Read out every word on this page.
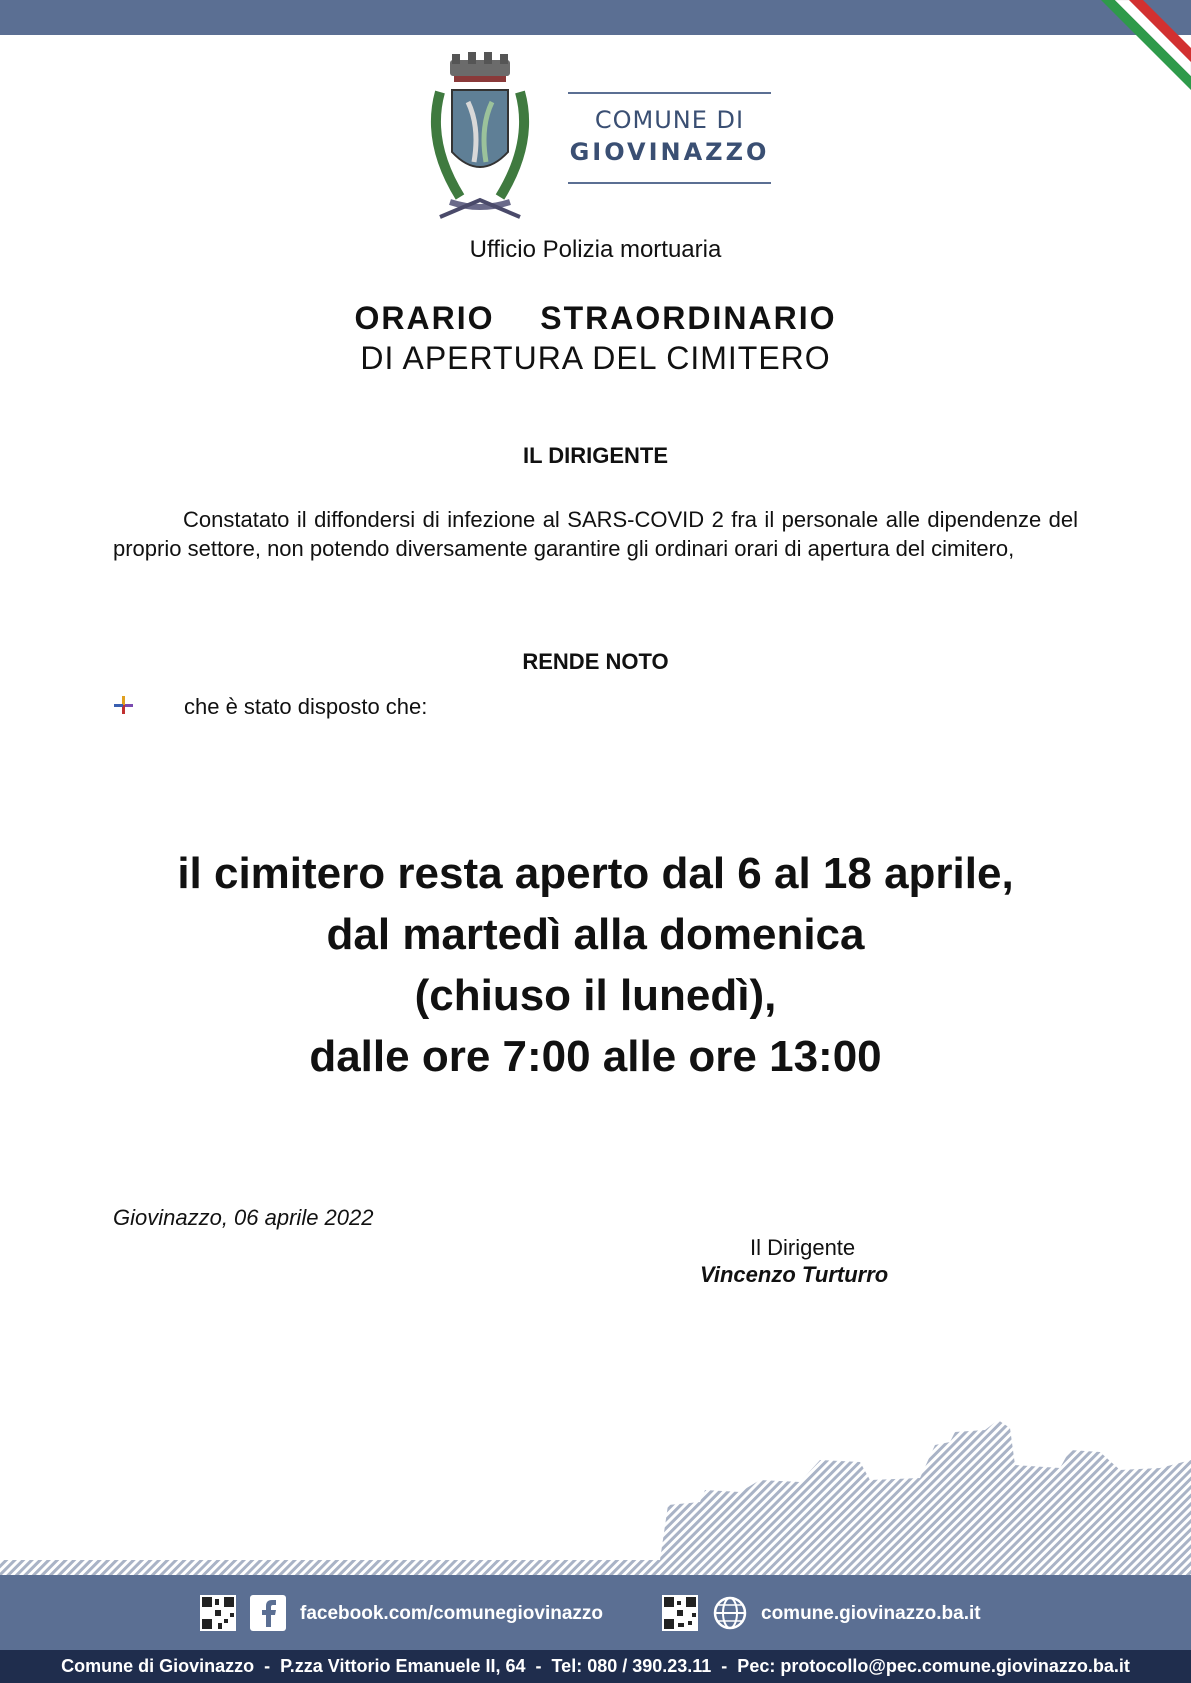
COMUNE DI
GIOVINAZZO
Ufficio Polizia mortuaria
ORARIO  STRAORDINARIO
DI APERTURA DEL CIMITERO
IL DIRIGENTE

Constatato il diffondersi di infezione al SARS-COVID 2 fra il personale alle dipendenze del proprio settore, non potendo diversamente garantire gli ordinari orari di apertura del cimitero,

RENDE NOTO
che è stato disposto che:
il cimitero resta aperto dal 6 al 18 aprile,
dal martedì alla domenica
(chiuso il lunedì),
dalle ore 7:00 alle ore 13:00
Giovinazzo, 06 aprile 2022
Il Dirigente
Vincenzo Turturro
facebook.com/comunegiovinazzo	comune.giovinazzo.ba.it
Comune di Giovinazzo  -  P.zza Vittorio Emanuele II, 64  -  Tel: 080 / 390.23.11  -  Pec: protocollo@pec.comune.giovinazzo.ba.it
